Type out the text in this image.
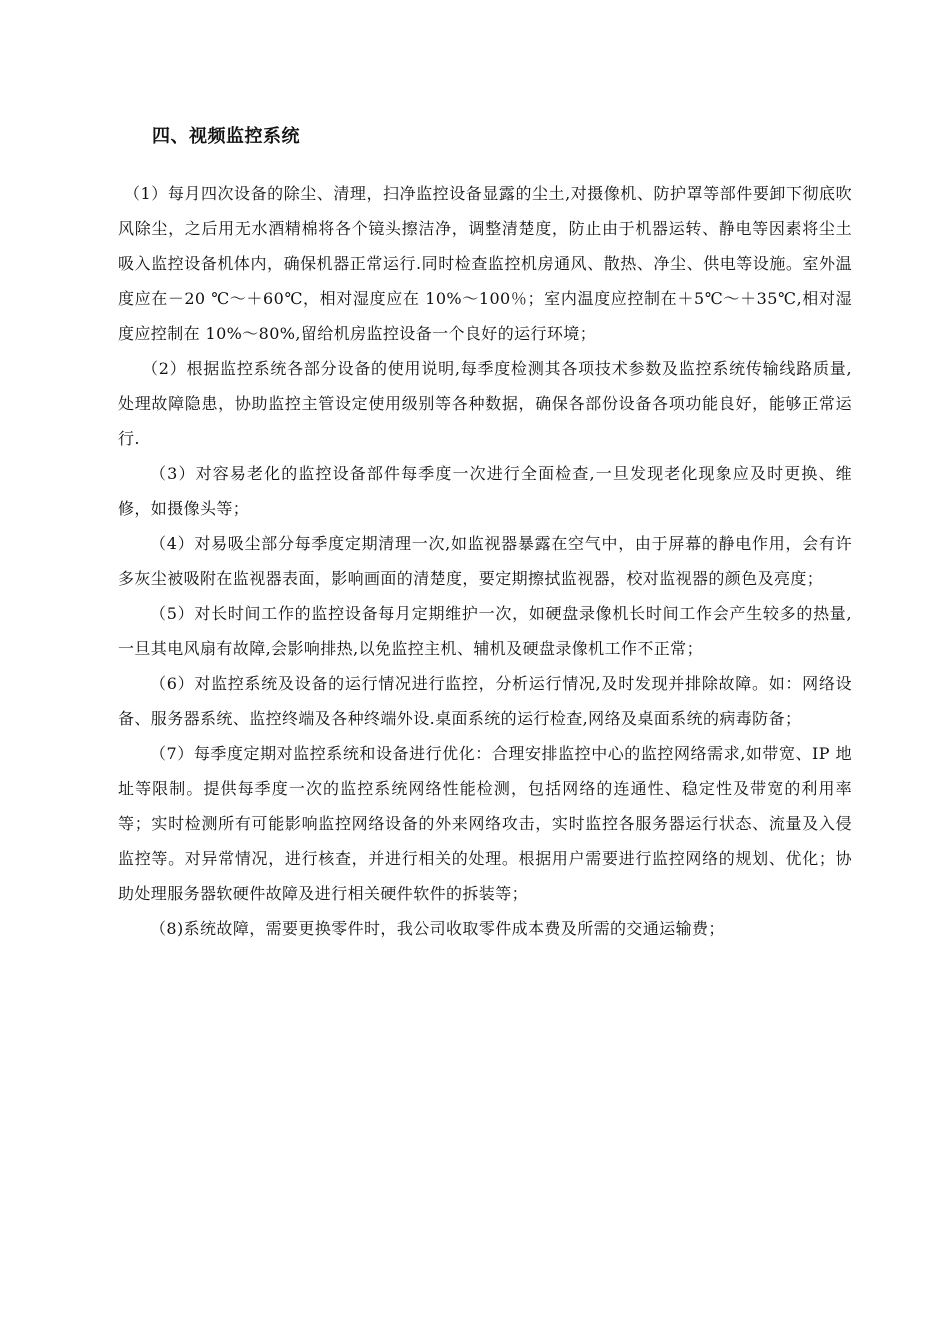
四、视频监控系统

（1）每月四次设备的除尘、清理，扫净监控设备显露的尘土,对摄像机、防护罩等部件要卸下彻底吹风除尘，之后用无水酒精棉将各个镜头擦洁净，调整清楚度，防止由于机器运转、静电等因素将尘土吸入监控设备机体内，确保机器正常运行.同时检查监控机房通风、散热、净尘、供电等设施。室外温度应在－20 ℃～＋60℃，相对湿度应在 10%～100％；室内温度应控制在＋5℃～＋35℃,相对湿度应控制在 10%～80%,留给机房监控设备一个良好的运行环境；

（2）根据监控系统各部分设备的使用说明,每季度检测其各项技术参数及监控系统传输线路质量,处理故障隐患，协助监控主管设定使用级别等各种数据，确保各部份设备各项功能良好，能够正常运行.

（3）对容易老化的监控设备部件每季度一次进行全面检查,一旦发现老化现象应及时更换、维修，如摄像头等；

（4）对易吸尘部分每季度定期清理一次,如监视器暴露在空气中，由于屏幕的静电作用，会有许多灰尘被吸附在监视器表面，影响画面的清楚度，要定期擦拭监视器，校对监视器的颜色及亮度；

（5）对长时间工作的监控设备每月定期维护一次，如硬盘录像机长时间工作会产生较多的热量,一旦其电风扇有故障,会影响排热,以免监控主机、辅机及硬盘录像机工作不正常；

（6）对监控系统及设备的运行情况进行监控，分析运行情况,及时发现并排除故障。如：网络设备、服务器系统、监控终端及各种终端外设.桌面系统的运行检查,网络及桌面系统的病毒防备；

（7）每季度定期对监控系统和设备进行优化：合理安排监控中心的监控网络需求,如带宽、IP 地址等限制。提供每季度一次的监控系统网络性能检测，包括网络的连通性、稳定性及带宽的利用率等；实时检测所有可能影响监控网络设备的外来网络攻击，实时监控各服务器运行状态、流量及入侵监控等。对异常情况，进行核查，并进行相关的处理。根据用户需要进行监控网络的规划、优化；协助处理服务器软硬件故障及进行相关硬件软件的拆装等；

（8)系统故障，需要更换零件时，我公司收取零件成本费及所需的交通运输费；
